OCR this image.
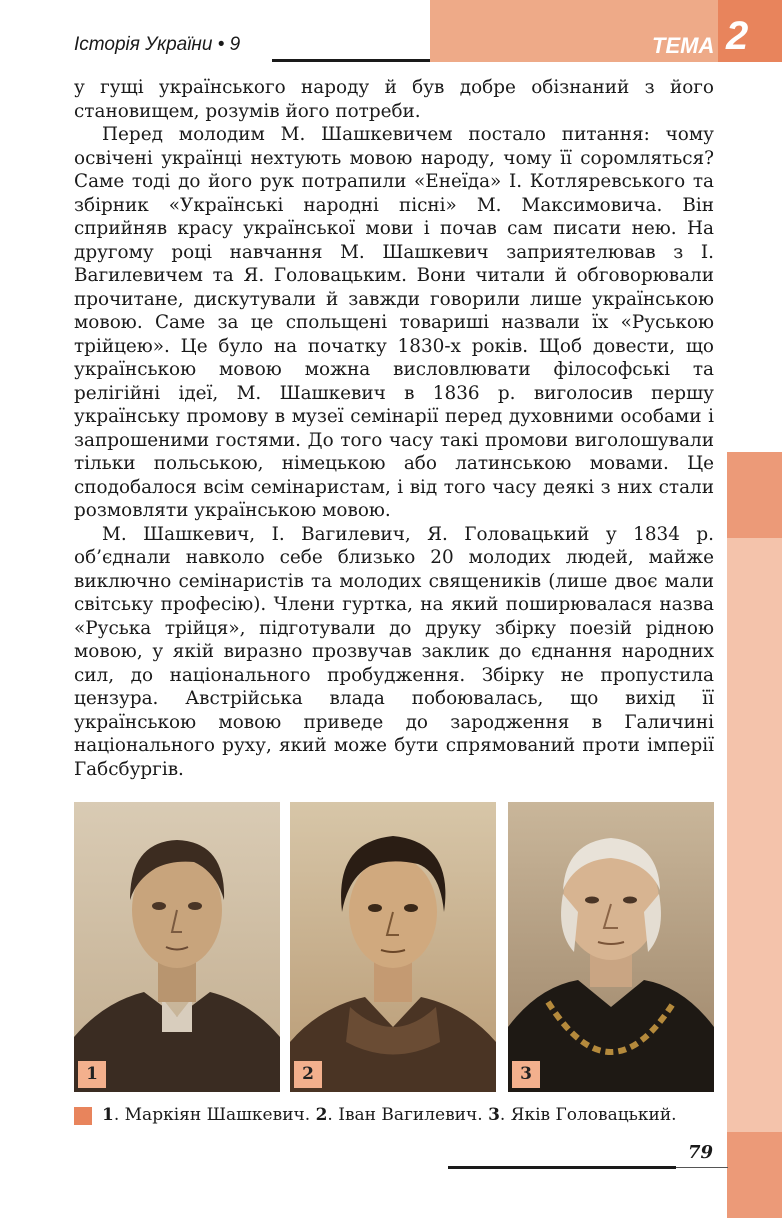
Історія України • 9	ТЕМА 2

у гущі українського народу й був добре обізнаний з його становищем, розумів його потреби.

Перед молодим М. Шашкевичем постало питання: чому освічені українці нехтують мовою народу, чому її соромляться? Саме тоді до його рук потрапили «Енеїда» І. Котляревського та збірник «Українські народні пісні» М. Максимовича. Він сприйняв красу української мови і почав сам писати нею. На другому році навчання М. Шашкевич заприятелював з І. Вагилевичем та Я. Головацьким. Вони читали й обговорювали прочитане, дискутували й завжди говорили лише українською мовою. Саме за це спольщені товариші назвали їх «Руською трійцею». Це було на початку 1830-х років. Щоб довести, що українською мовою можна висловлювати філософські та релігійні ідеї, М. Шашкевич в 1836 р. виголосив першу українську промову в музеї семінарії перед духовними особами і запрошеними гостями. До того часу такі промови виголошували тільки польською, німецькою або латинською мовами. Це сподобалося всім семінаристам, і від того часу деякі з них стали розмовляти українською мовою.

М. Шашкевич, І. Вагилевич, Я. Головацький у 1834 р. об’єднали навколо себе близько 20 молодих людей, майже виключно семінаристів та молодих священиків (лише двоє мали світську професію). Члени гуртка, на який поширювалася назва «Руська трійця», підготували до друку збірку поезій рідною мовою, у якій виразно прозвучав заклик до єднання народних сил, до національного пробудження. Збірку не пропустила цензура. Австрійська влада побоювалась, що вихід її українською мовою приведе до зародження в Галичині національного руху, який може бути спрямований проти імперії Габсбургів.

1	2	3
1. Маркіян Шашкевич. 2. Іван Вагилевич. 3. Яків Головацький.
79
